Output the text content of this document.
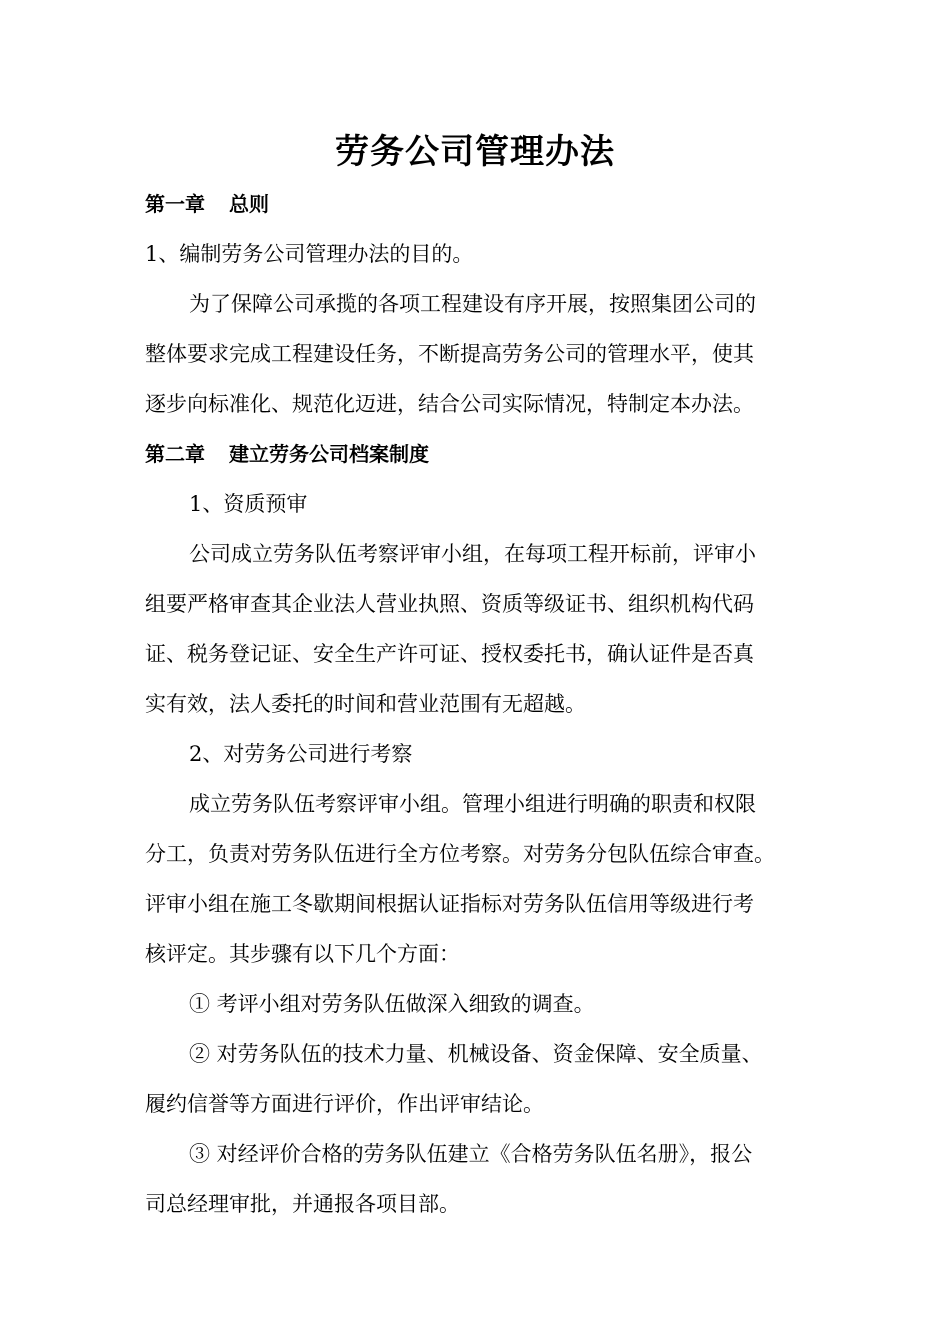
劳务公司管理办法
第一章 总则
1、编制劳务公司管理办法的目的。
为了保障公司承揽的各项工程建设有序开展，按照集团公司的
整体要求完成工程建设任务，不断提高劳务公司的管理水平，使其
逐步向标准化、规范化迈进，结合公司实际情况，特制定本办法。
第二章 建立劳务公司档案制度
1、资质预审
公司成立劳务队伍考察评审小组，在每项工程开标前，评审小
组要严格审查其企业法人营业执照、资质等级证书、组织机构代码
证、税务登记证、安全生产许可证、授权委托书，确认证件是否真
实有效，法人委托的时间和营业范围有无超越。
2、对劳务公司进行考察
成立劳务队伍考察评审小组。管理小组进行明确的职责和权限
分工，负责对劳务队伍进行全方位考察。对劳务分包队伍综合审查。
评审小组在施工冬歇期间根据认证指标对劳务队伍信用等级进行考
核评定。其步骤有以下几个方面：
① 考评小组对劳务队伍做深入细致的调查。
② 对劳务队伍的技术力量、机械设备、资金保障、安全质量、
履约信誉等方面进行评价，作出评审结论。
③ 对经评价合格的劳务队伍建立《合格劳务队伍名册》，报公
司总经理审批，并通报各项目部。
